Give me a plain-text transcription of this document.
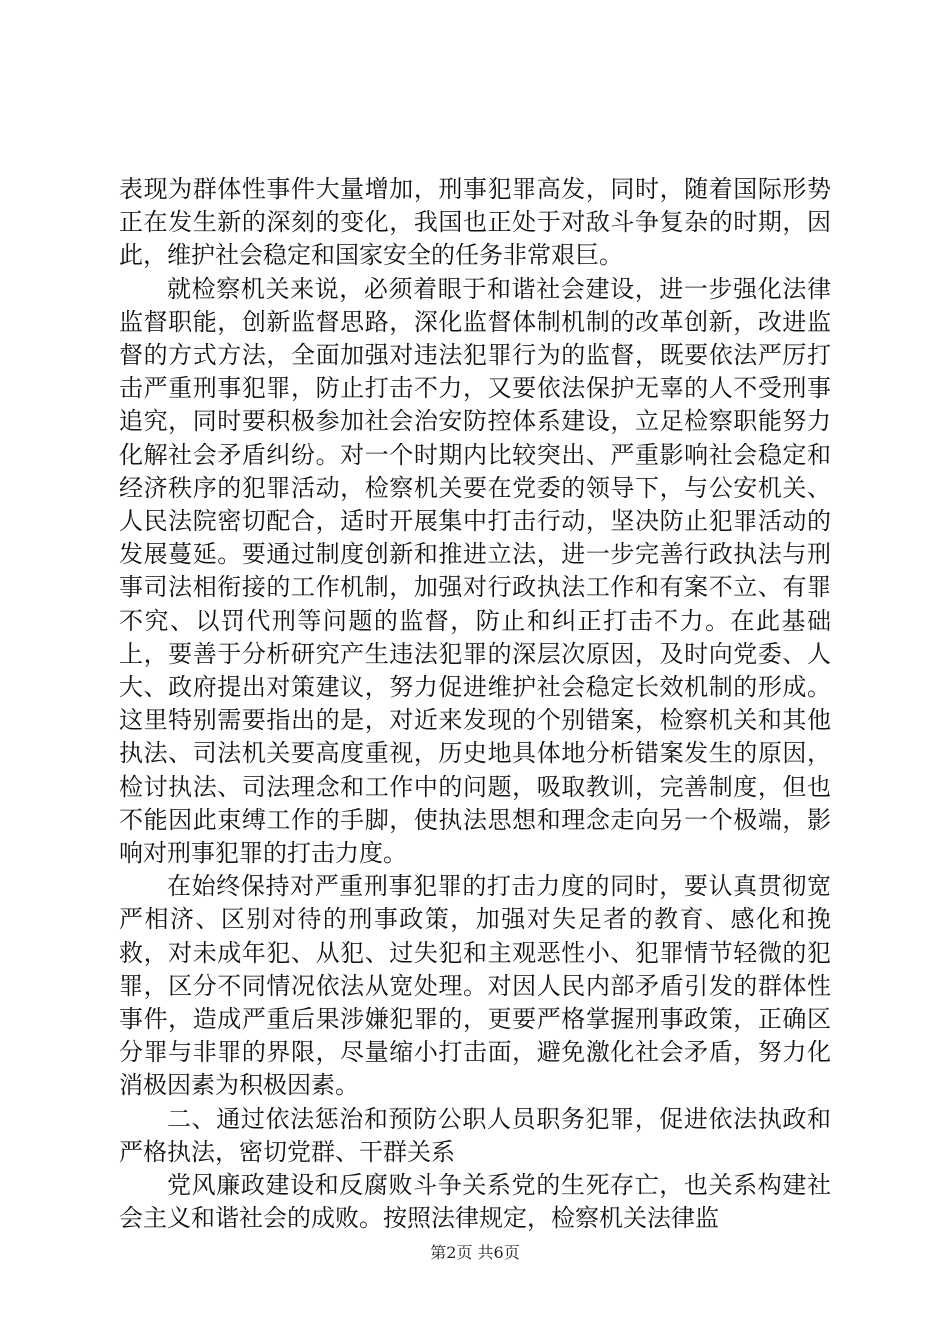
表现为群体性事件大量增加，刑事犯罪高发，同时，随着国际形势正在发生新的深刻的变化，我国也正处于对敌斗争复杂的时期，因此，维护社会稳定和国家安全的任务非常艰巨。

就检察机关来说，必须着眼于和谐社会建设，进一步强化法律监督职能，创新监督思路，深化监督体制机制的改革创新，改进监督的方式方法，全面加强对违法犯罪行为的监督，既要依法严厉打击严重刑事犯罪，防止打击不力，又要依法保护无辜的人不受刑事追究，同时要积极参加社会治安防控体系建设，立足检察职能努力化解社会矛盾纠纷。对一个时期内比较突出、严重影响社会稳定和经济秩序的犯罪活动，检察机关要在党委的领导下，与公安机关、人民法院密切配合，适时开展集中打击行动，坚决防止犯罪活动的发展蔓延。要通过制度创新和推进立法，进一步完善行政执法与刑事司法相衔接的工作机制，加强对行政执法工作和有案不立、有罪不究、以罚代刑等问题的监督，防止和纠正打击不力。在此基础上，要善于分析研究产生违法犯罪的深层次原因，及时向党委、人大、政府提出对策建议，努力促进维护社会稳定长效机制的形成。这里特别需要指出的是，对近来发现的个别错案，检察机关和其他执法、司法机关要高度重视，历史地具体地分析错案发生的原因，检讨执法、司法理念和工作中的问题，吸取教训，完善制度，但也不能因此束缚工作的手脚，使执法思想和理念走向另一个极端，影响对刑事犯罪的打击力度。

在始终保持对严重刑事犯罪的打击力度的同时，要认真贯彻宽严相济、区别对待的刑事政策，加强对失足者的教育、感化和挽救，对未成年犯、从犯、过失犯和主观恶性小、犯罪情节轻微的犯罪，区分不同情况依法从宽处理。对因人民内部矛盾引发的群体性事件，造成严重后果涉嫌犯罪的，更要严格掌握刑事政策，正确区分罪与非罪的界限，尽量缩小打击面，避免激化社会矛盾，努力化消极因素为积极因素。

二、通过依法惩治和预防公职人员职务犯罪，促进依法执政和严格执法，密切党群、干群关系

党风廉政建设和反腐败斗争关系党的生死存亡，也关系构建社会主义和谐社会的成败。按照法律规定，检察机关法律监

第2页 共6页
